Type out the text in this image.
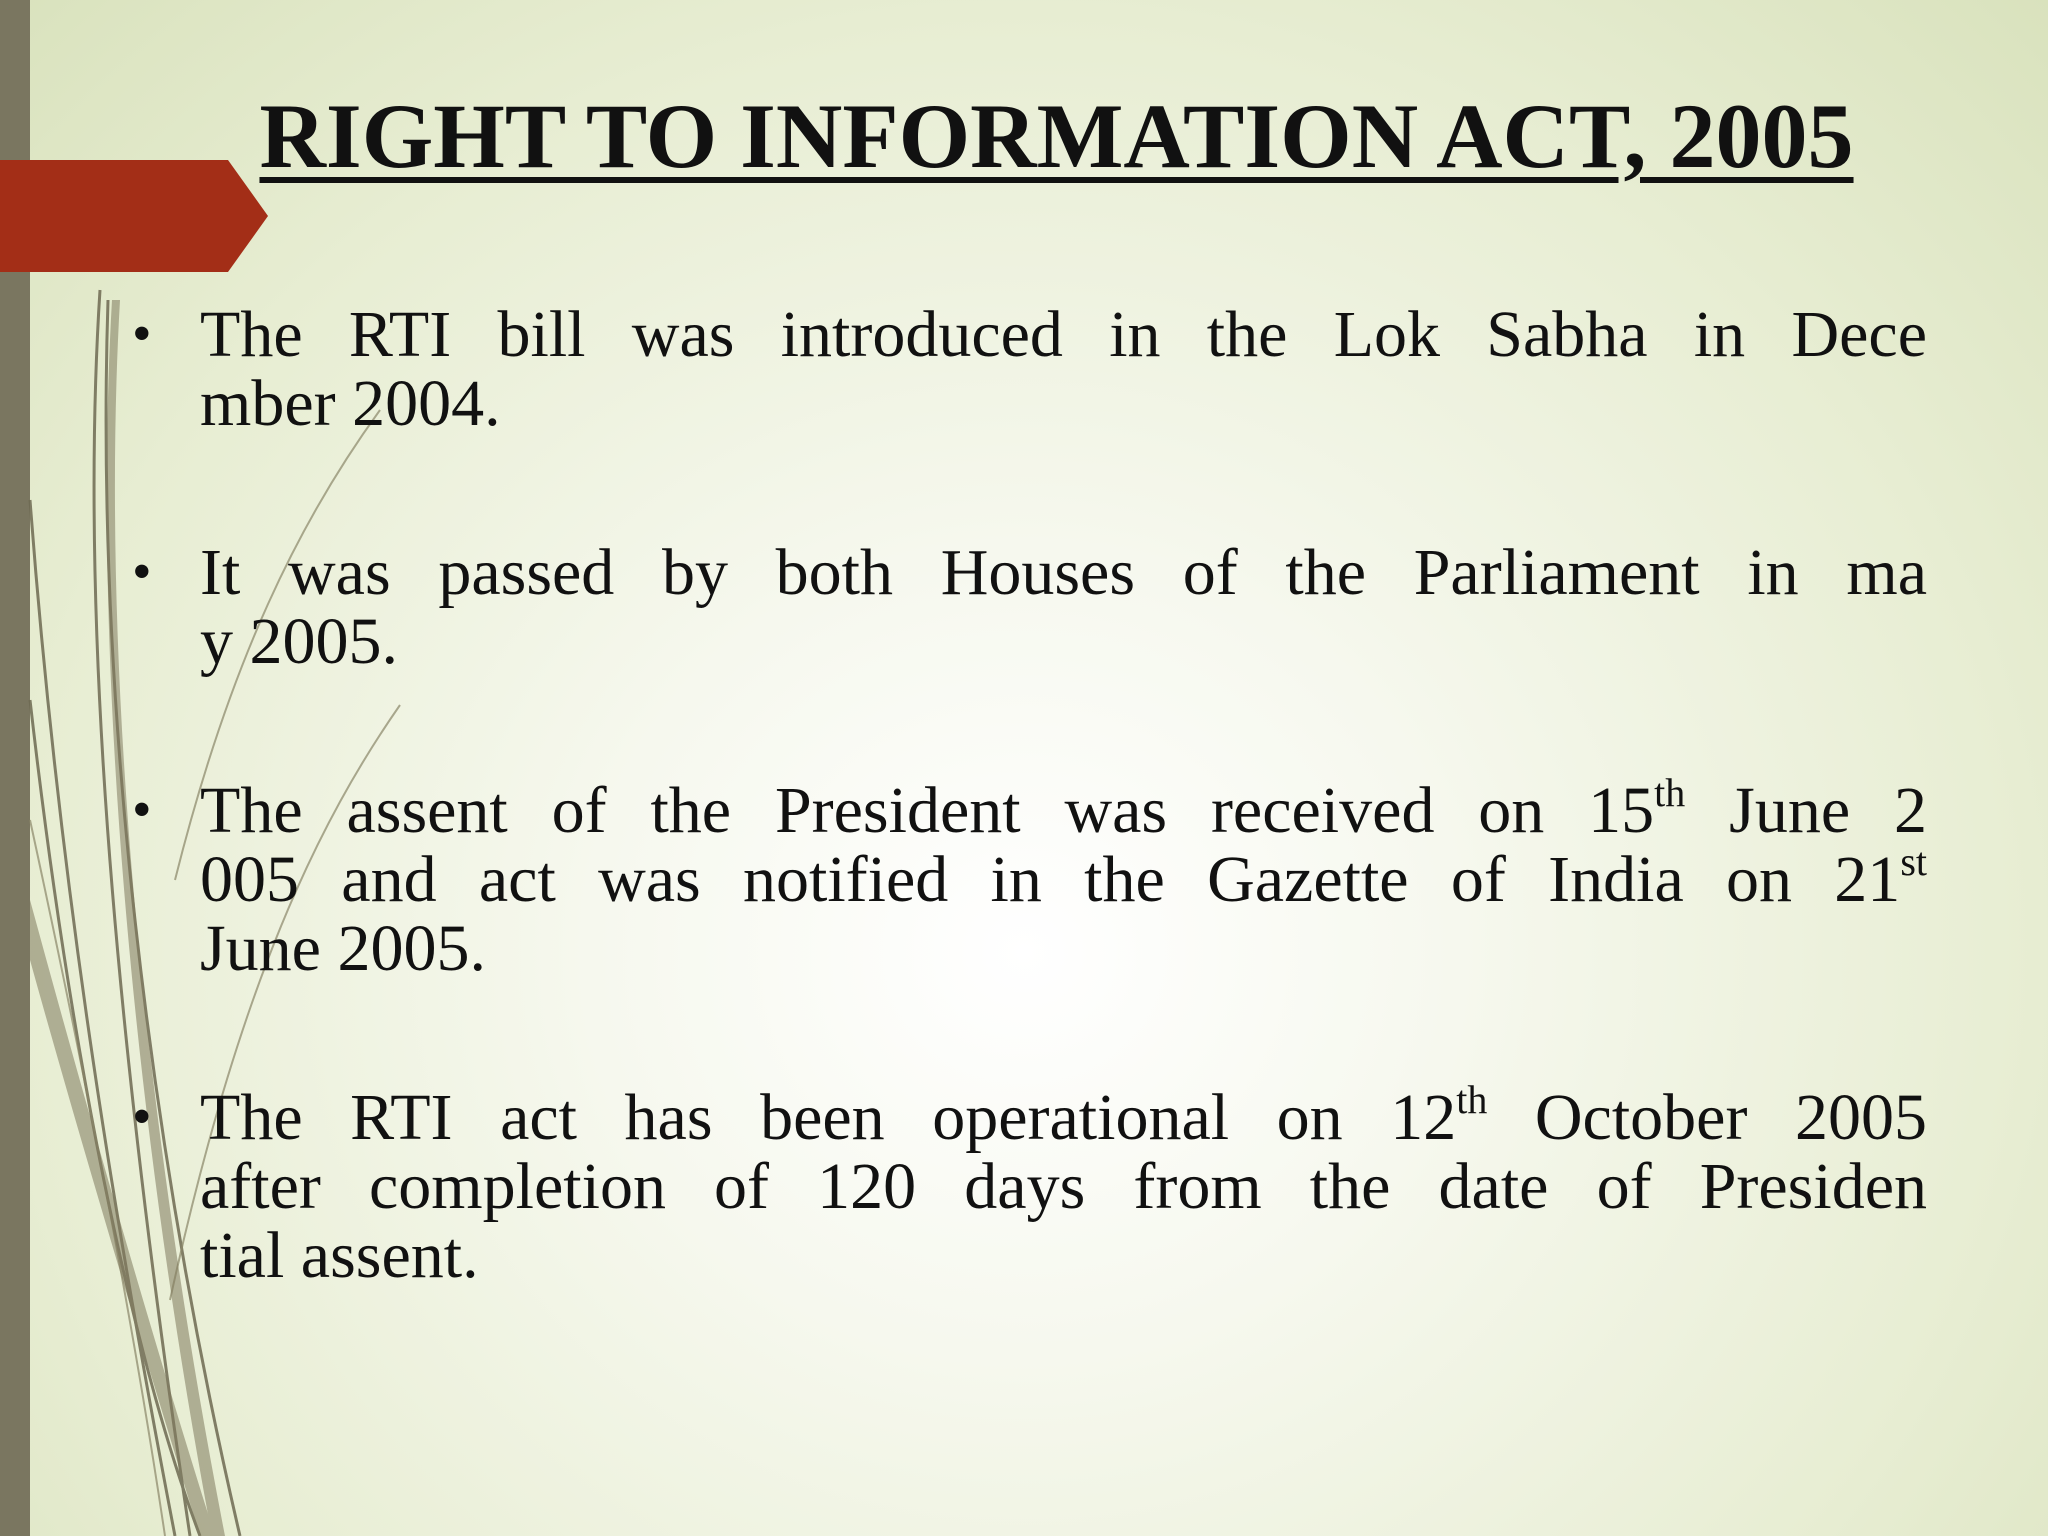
RIGHT TO INFORMATION ACT, 2005
• The RTI bill was introduced in the Lok Sabha in Dece
mber 2004.
• It was passed by both Houses of the Parliament in ma
y 2005.
• The assent of the President was received on 15th June 2
005 and act was notified in the Gazette of India on 21st
June 2005.
• The RTI act has been operational on 12th October 2005
after completion of 120 days from the date of Presiden
tial assent.
